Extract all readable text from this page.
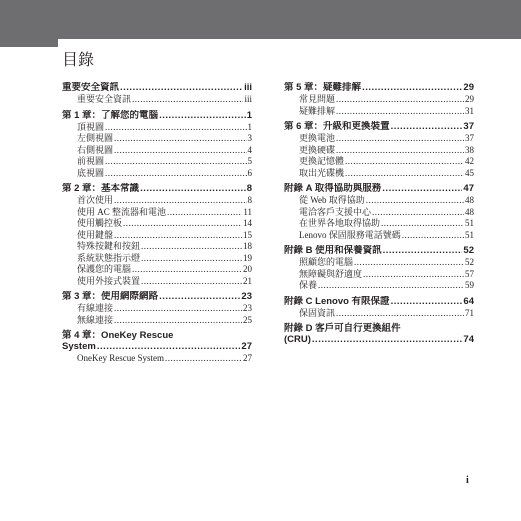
目錄
重要安全資訊 .....	iii
重要安全資訊 .....	iii
第 1 章：了解您的電腦 .....	1
頂視圖 .....	1
左側視圖 .....	3
右側視圖 .....	4
前視圖 .....	5
底視圖 .....	6
第 2 章：基本常識 .....	8
首次使用 .....	8
使用 AC 整流器和電池 .....	11
使用觸控板 .....	14
使用鍵盤 .....	15
特殊按鍵和按鈕 .....	18
系統狀態指示燈 .....	19
保護您的電腦 .....	20
使用外接式裝置 .....	21
第 3 章：使用網際網路 .....	23
有線連接 .....	23
無線連接 .....	25
第 4 章：OneKey Rescue
System .....	27
OneKey Rescue System .....	27
第 5 章：疑難排解 .....	29
常見問題 .....	29
疑難排解 .....	31
第 6 章：升級和更換裝置 .....	37
更換電池 .....	37
更換硬碟 .....	38
更換記憶體 .....	42
取出光碟機 .....	45
附錄 A 取得協助與服務 .....	47
從 Web 取得協助 .....	48
電洽客戶支援中心 .....	48
在世界各地取得協助 .....	51
Lenovo 保固服務電話號碼 .....	51
附錄 B 使用和保養資訊 .....	52
照顧您的電腦 .....	52
無障礙與舒適度 .....	57
保養 .....	59
附錄 C Lenovo 有限保證 .....	64
保固資訊 .....	71
附錄 D 客戶可自行更換組件
(CRU) .....	74
i
